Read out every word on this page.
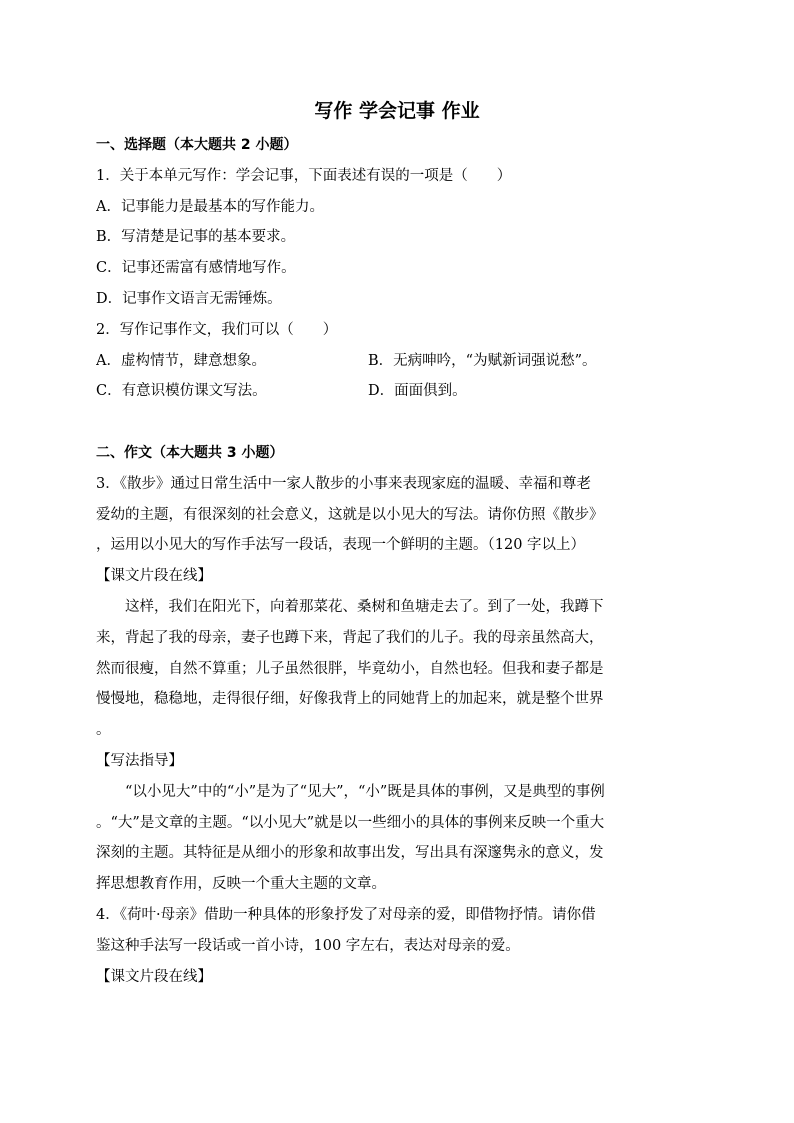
写作 学会记事 作业
一、选择题（本大题共 2 小题）
1．关于本单元写作：学会记事，下面表述有误的一项是（　　）
A．记事能力是最基本的写作能力。
B．写清楚是记事的基本要求。
C．记事还需富有感情地写作。
D．记事作文语言无需锤炼。
2．写作记事作文，我们可以（　　）
A．虚构情节，肆意想象。	B．无病呻吟，“为赋新词强说愁”。
C．有意识模仿课文写法。	D．面面俱到。
二、作文（本大题共 3 小题）
3．《散步》通过日常生活中一家人散步的小事来表现家庭的温暖、幸福和尊老
爱幼的主题，有很深刻的社会意义，这就是以小见大的写法。请你仿照《散步》
，运用以小见大的写作手法写一段话，表现一个鲜明的主题。（120 字以上）
【课文片段在线】
　　这样，我们在阳光下，向着那菜花、桑树和鱼塘走去了。到了一处，我蹲下
来，背起了我的母亲，妻子也蹲下来，背起了我们的儿子。我的母亲虽然高大，
然而很瘦，自然不算重；儿子虽然很胖，毕竟幼小，自然也轻。但我和妻子都是
慢慢地，稳稳地，走得很仔细，好像我背上的同她背上的加起来，就是整个世界
。
【写法指导】
　　“以小见大”中的“小”是为了“见大”，“小”既是具体的事例，又是典型的事例
。“大”是文章的主题。“以小见大”就是以一些细小的具体的事例来反映一个重大
深刻的主题。其特征是从细小的形象和故事出发，写出具有深邃隽永的意义，发
挥思想教育作用，反映一个重大主题的文章。
4．《荷叶·母亲》借助一种具体的形象抒发了对母亲的爱，即借物抒情。请你借
鉴这种手法写一段话或一首小诗，100 字左右，表达对母亲的爱。
【课文片段在线】
